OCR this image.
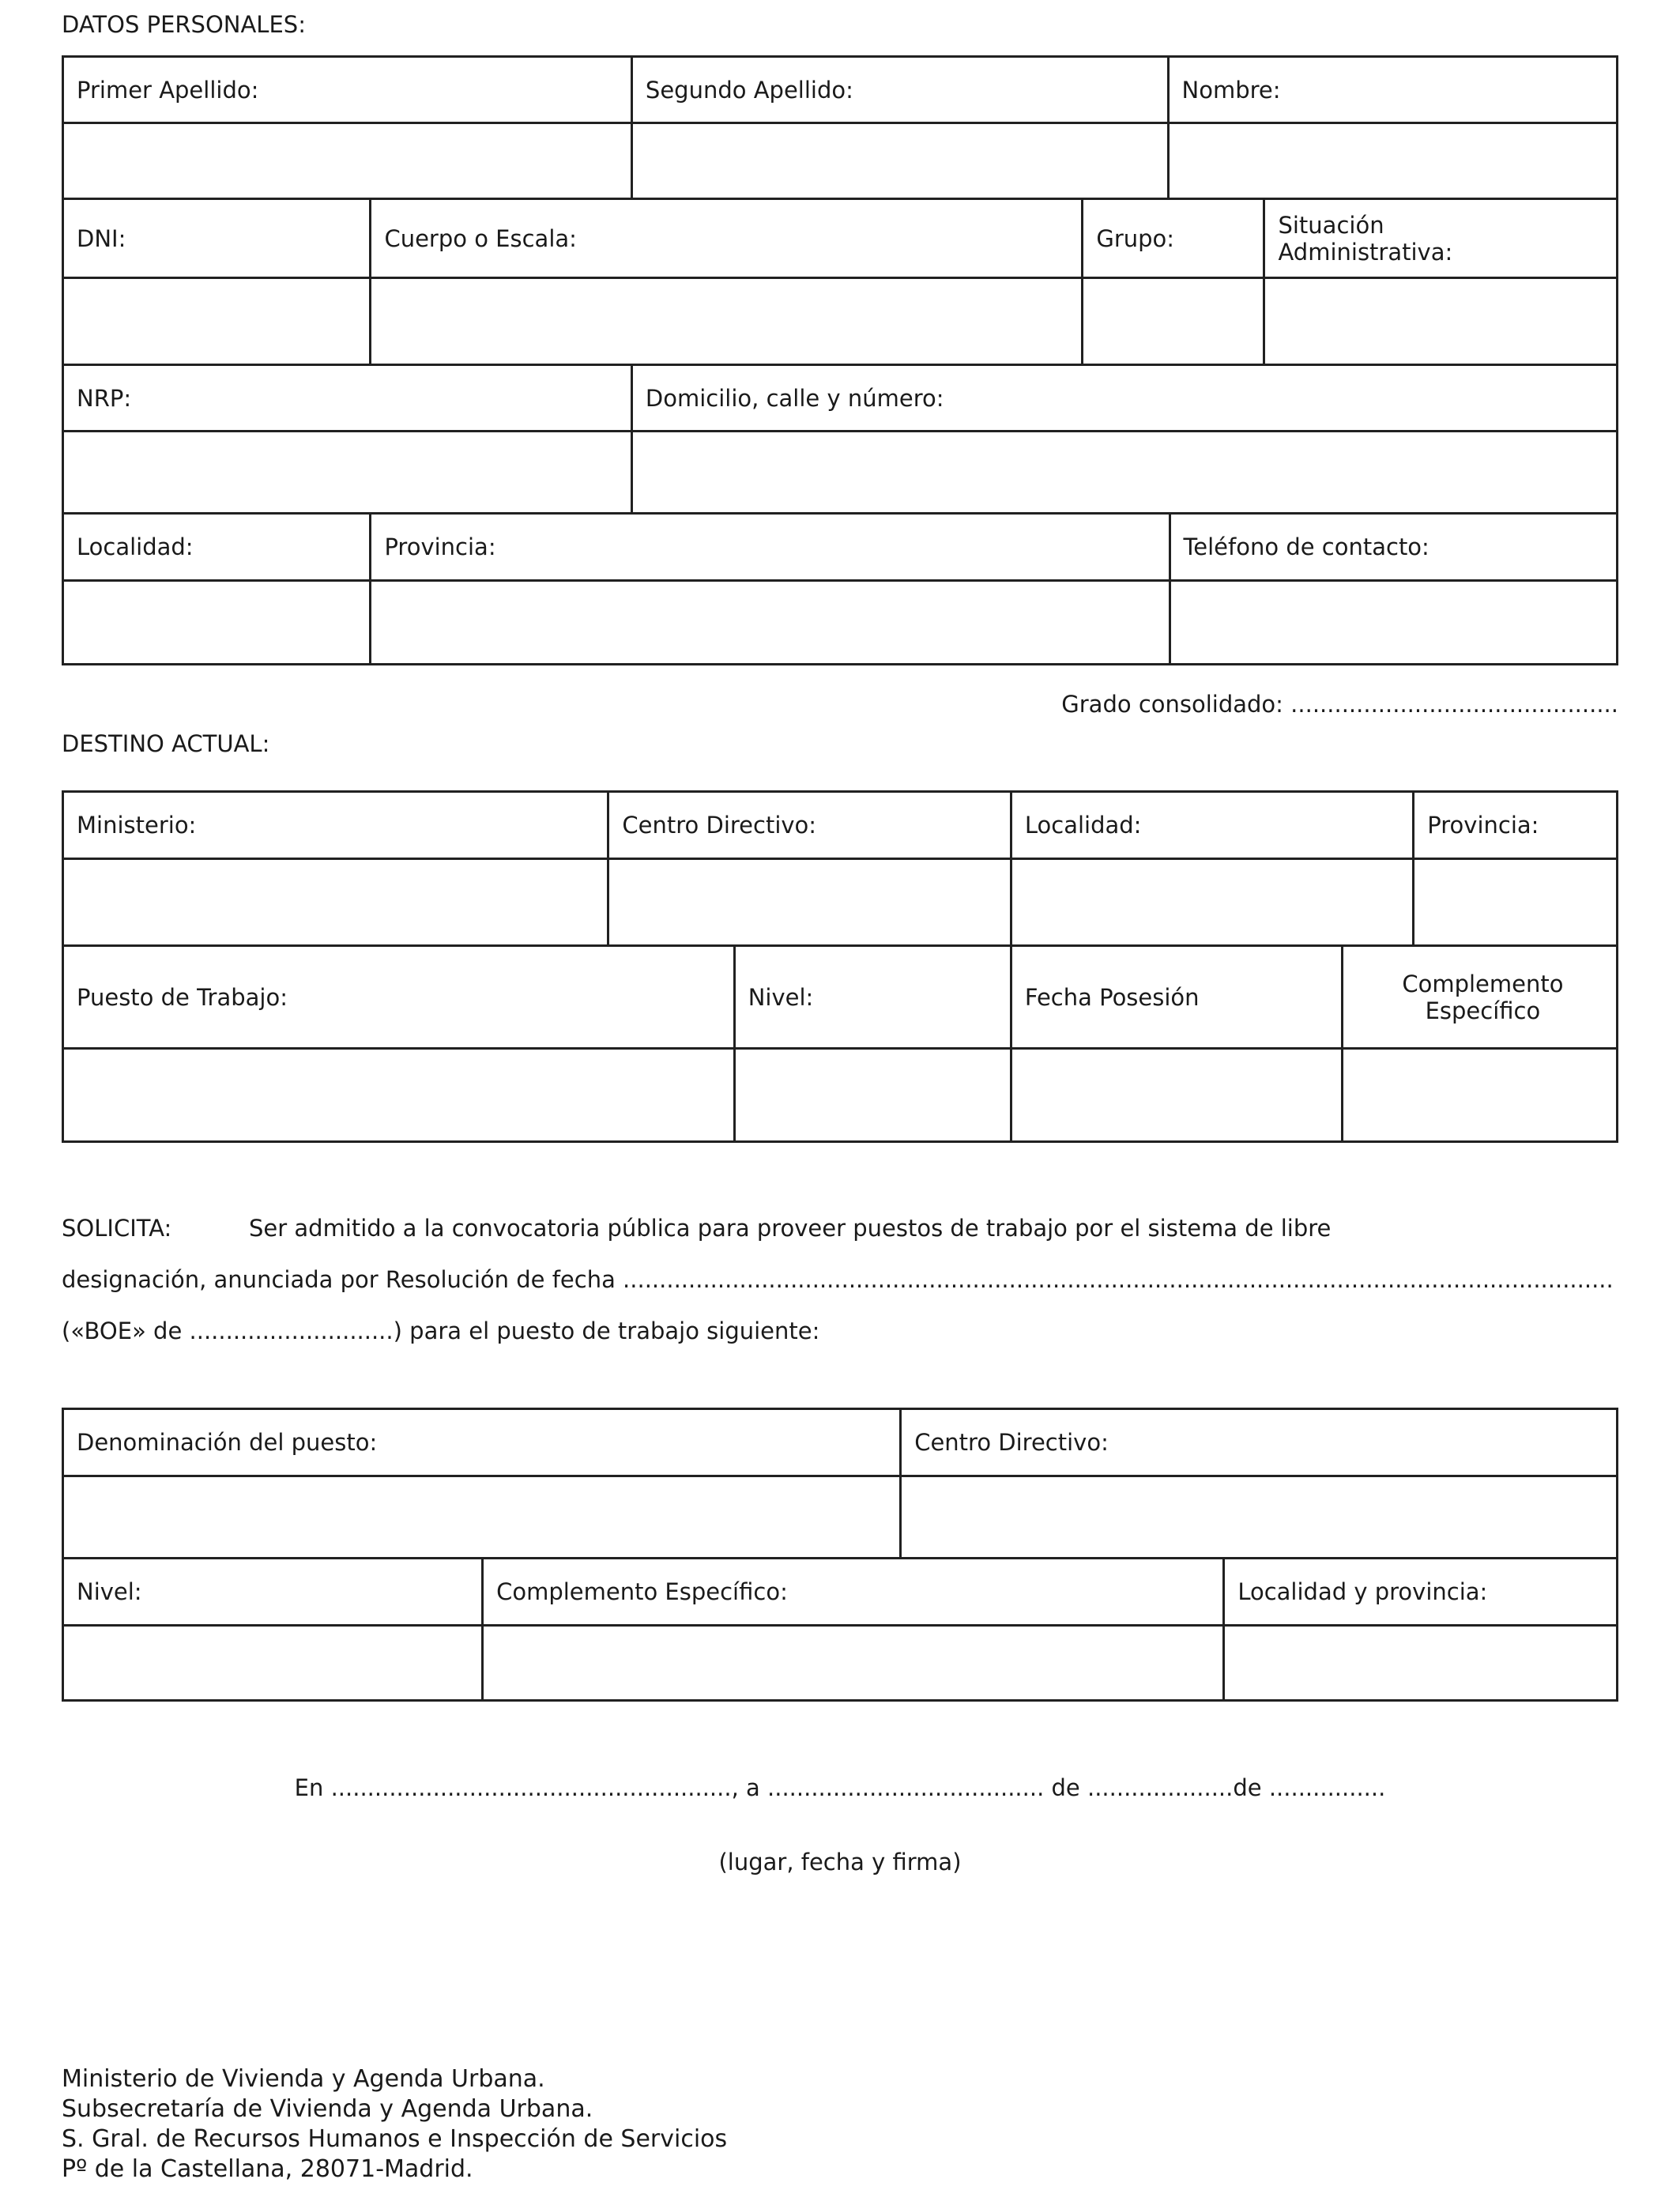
DATOS PERSONALES:
Primer Apellido:	Segundo Apellido:	Nombre:

DNI:	Cuerpo o Escala:	Grupo:	Situación Administrativa:

NRP:	Domicilio, calle y número:

Localidad:	Provincia:	Teléfono de contacto:

Grado consolidado: .............................................
DESTINO ACTUAL:
Ministerio:	Centro Directivo:	Localidad:	Provincia:

Puesto de Trabajo:	Nivel:	Fecha Posesión	Complemento Específico

SOLICITA:	Ser admitido a la convocatoria pública para proveer puestos de trabajo por el sistema de libre
designación, anunciada por Resolución de fecha ........................................................................................................................................
(«BOE» de ............................) para el puesto de trabajo siguiente:
Denominación del puesto:	Centro Directivo:

Nivel:	Complemento Específico:	Localidad y provincia:

En ......................................................., a ...................................... de ....................de ................
(lugar, fecha y firma)
Ministerio de Vivienda y Agenda Urbana.
Subsecretaría de Vivienda y Agenda Urbana.
S. Gral. de Recursos Humanos e Inspección de Servicios
Pº de la Castellana, 28071-Madrid.
